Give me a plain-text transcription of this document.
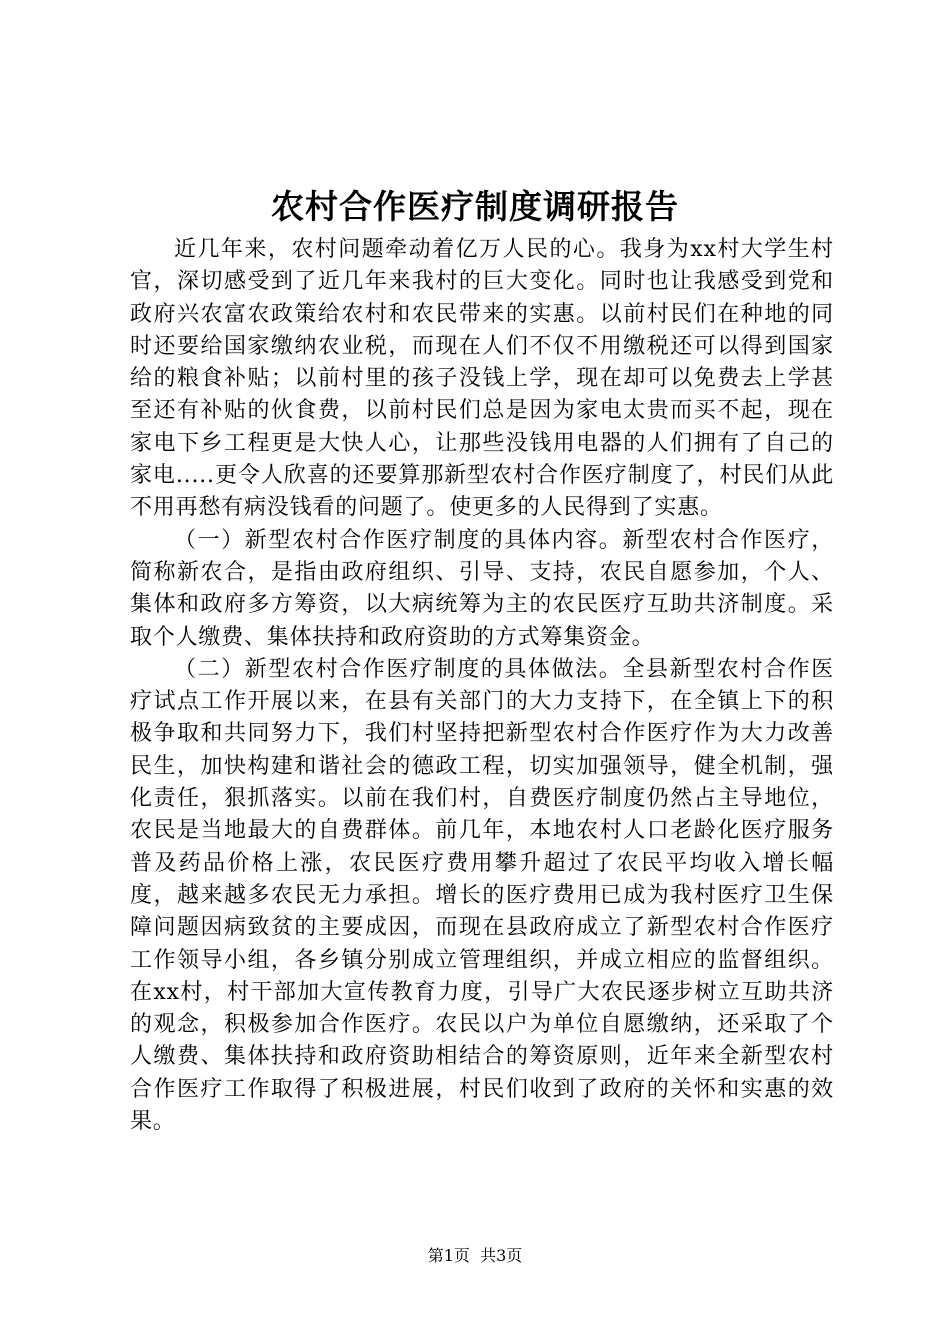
农村合作医疗制度调研报告

近几年来，农村问题牵动着亿万人民的心。我身为xx村大学生村官，深切感受到了近几年来我村的巨大变化。同时也让我感受到党和政府兴农富农政策给农村和农民带来的实惠。以前村民们在种地的同时还要给国家缴纳农业税，而现在人们不仅不用缴税还可以得到国家给的粮食补贴；以前村里的孩子没钱上学，现在却可以免费去上学甚至还有补贴的伙食费，以前村民们总是因为家电太贵而买不起，现在家电下乡工程更是大快人心，让那些没钱用电器的人们拥有了自己的家电.....更令人欣喜的还要算那新型农村合作医疗制度了，村民们从此不用再愁有病没钱看的问题了。使更多的人民得到了实惠。

（一）新型农村合作医疗制度的具体内容。新型农村合作医疗，简称新农合，是指由政府组织、引导、支持，农民自愿参加，个人、集体和政府多方筹资，以大病统筹为主的农民医疗互助共济制度。采取个人缴费、集体扶持和政府资助的方式筹集资金。

（二）新型农村合作医疗制度的具体做法。全县新型农村合作医疗试点工作开展以来，在县有关部门的大力支持下，在全镇上下的积极争取和共同努力下，我们村坚持把新型农村合作医疗作为大力改善民生，加快构建和谐社会的德政工程，切实加强领导，健全机制，强化责任，狠抓落实。以前在我们村，自费医疗制度仍然占主导地位，农民是当地最大的自费群体。前几年，本地农村人口老龄化医疗服务普及药品价格上涨，农民医疗费用攀升超过了农民平均收入增长幅度，越来越多农民无力承担。增长的医疗费用已成为我村医疗卫生保障问题因病致贫的主要成因，而现在县政府成立了新型农村合作医疗工作领导小组，各乡镇分别成立管理组织，并成立相应的监督组织。在xx村，村干部加大宣传教育力度，引导广大农民逐步树立互助共济的观念，积极参加合作医疗。农民以户为单位自愿缴纳，还采取了个人缴费、集体扶持和政府资助相结合的筹资原则，近年来全新型农村合作医疗工作取得了积极进展，村民们收到了政府的关怀和实惠的效果。

第1页  共3页
